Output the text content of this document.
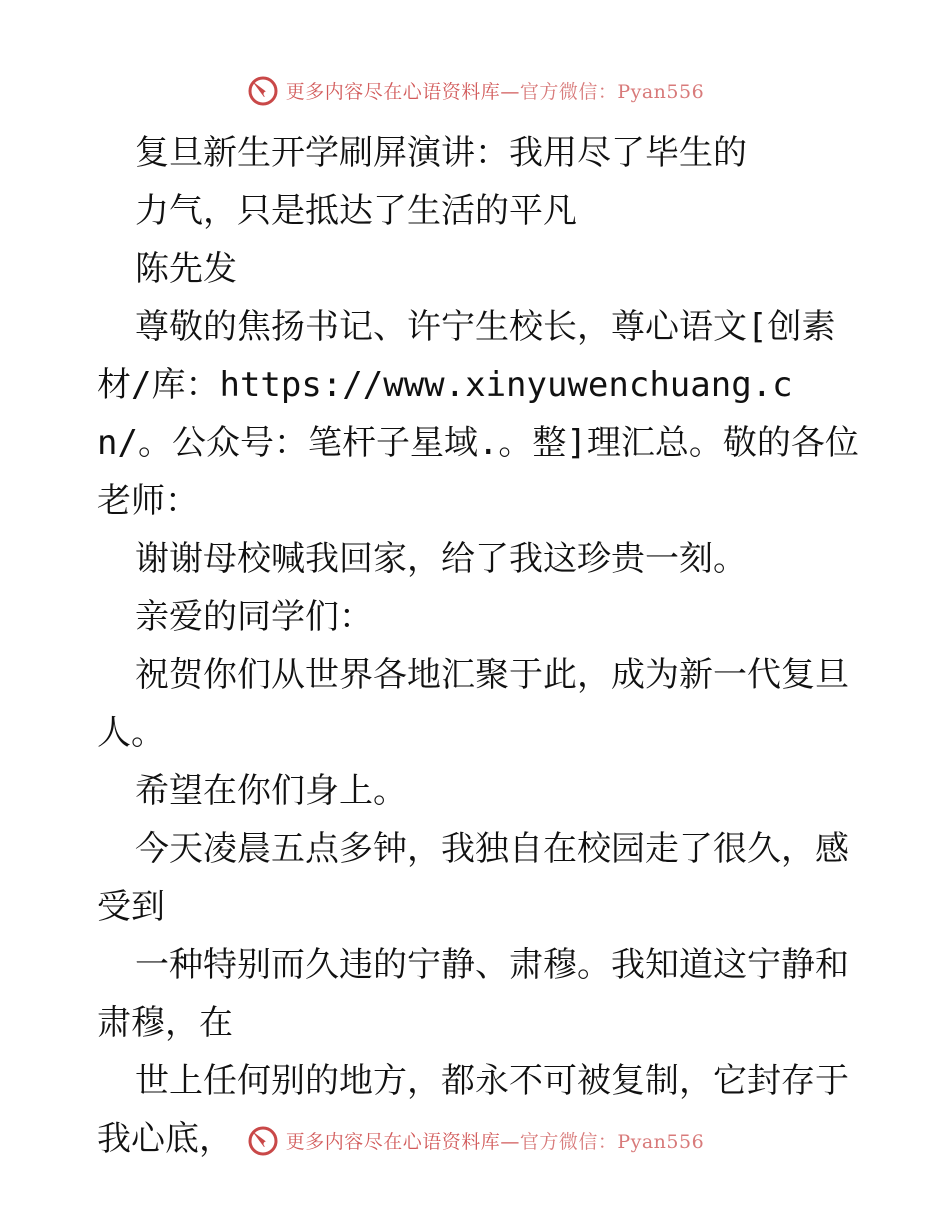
更多内容尽在心语资料库—官方微信：Pyan556

复旦新生开学刷屏演讲：我用尽了毕生的

力气，只是抵达了生活的平凡

陈先发

尊敬的焦扬书记、许宁生校长，尊心语文[创素材/库：https://www.xinyuwenchuang.cn/。公众号：笔杆子星域.。整]理汇总。敬的各位老师：

谢谢母校喊我回家，给了我这珍贵一刻。

亲爱的同学们：

祝贺你们从世界各地汇聚于此，成为新一代复旦人。

希望在你们身上。

今天凌晨五点多钟，我独自在校园走了很久，感受到

一种特别而久违的宁静、肃穆。我知道这宁静和肃穆，在

世上任何别的地方，都永不可被复制，它封存于我心底，	更多内容尽在心语资料库—官方微信：Pyan556
